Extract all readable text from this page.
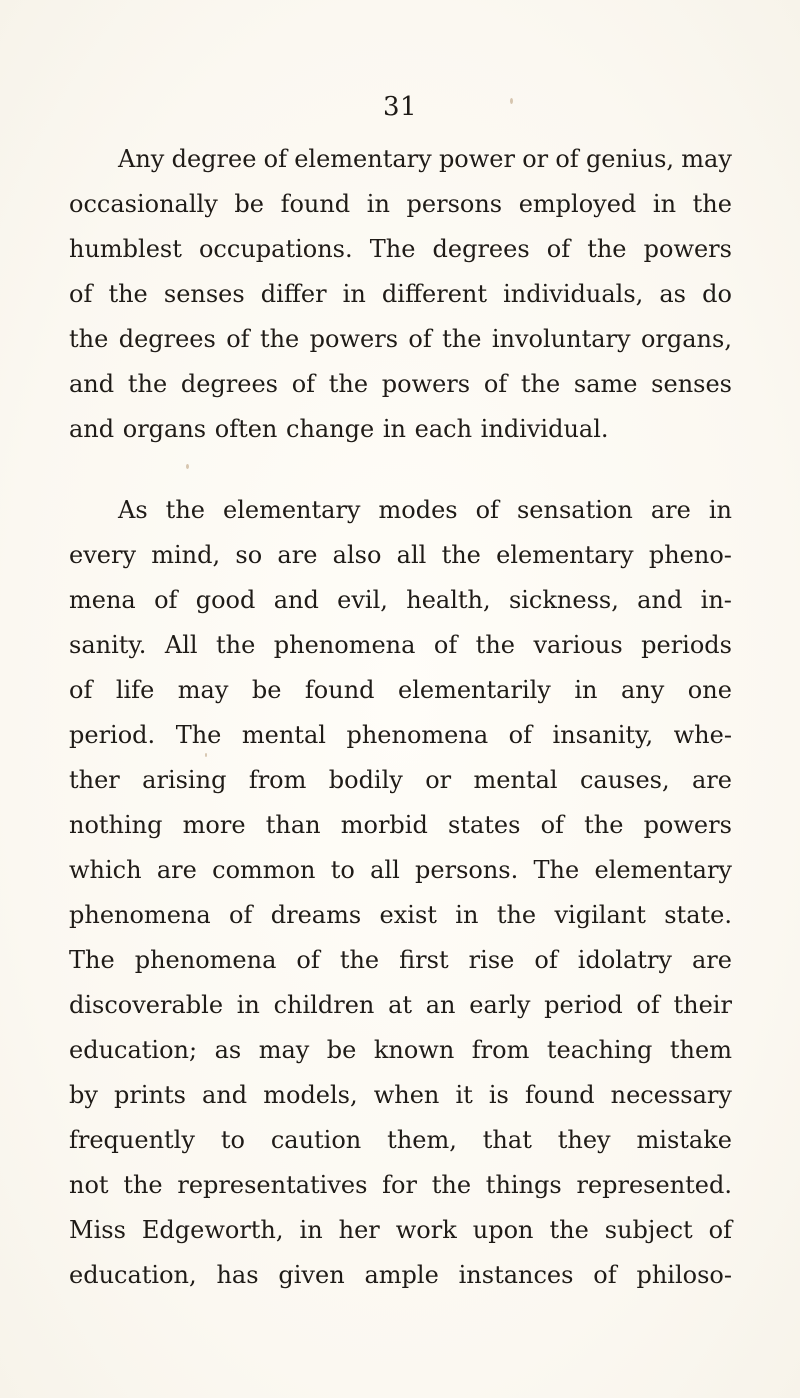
31
Any degree of elementary power or of genius, may
occasionally be found in persons employed in the
humblest occupations. The degrees of the powers
of the senses differ in different individuals, as do
the degrees of the powers of the involuntary organs,
and the degrees of the powers of the same senses
and organs often change in each individual.
As the elementary modes of sensation are in
every mind, so are also all the elementary pheno-
mena of good and evil, health, sickness, and in-
sanity. All the phenomena of the various periods
of life may be found elementarily in any one
period. The mental phenomena of insanity, whe-
ther arising from bodily or mental causes, are
nothing more than morbid states of the powers
which are common to all persons. The elementary
phenomena of dreams exist in the vigilant state.
The phenomena of the first rise of idolatry are
discoverable in children at an early period of their
education; as may be known from teaching them
by prints and models, when it is found necessary
frequently to caution them, that they mistake
not the representatives for the things represented.
Miss Edgeworth, in her work upon the subject of
education, has given ample instances of philoso-
